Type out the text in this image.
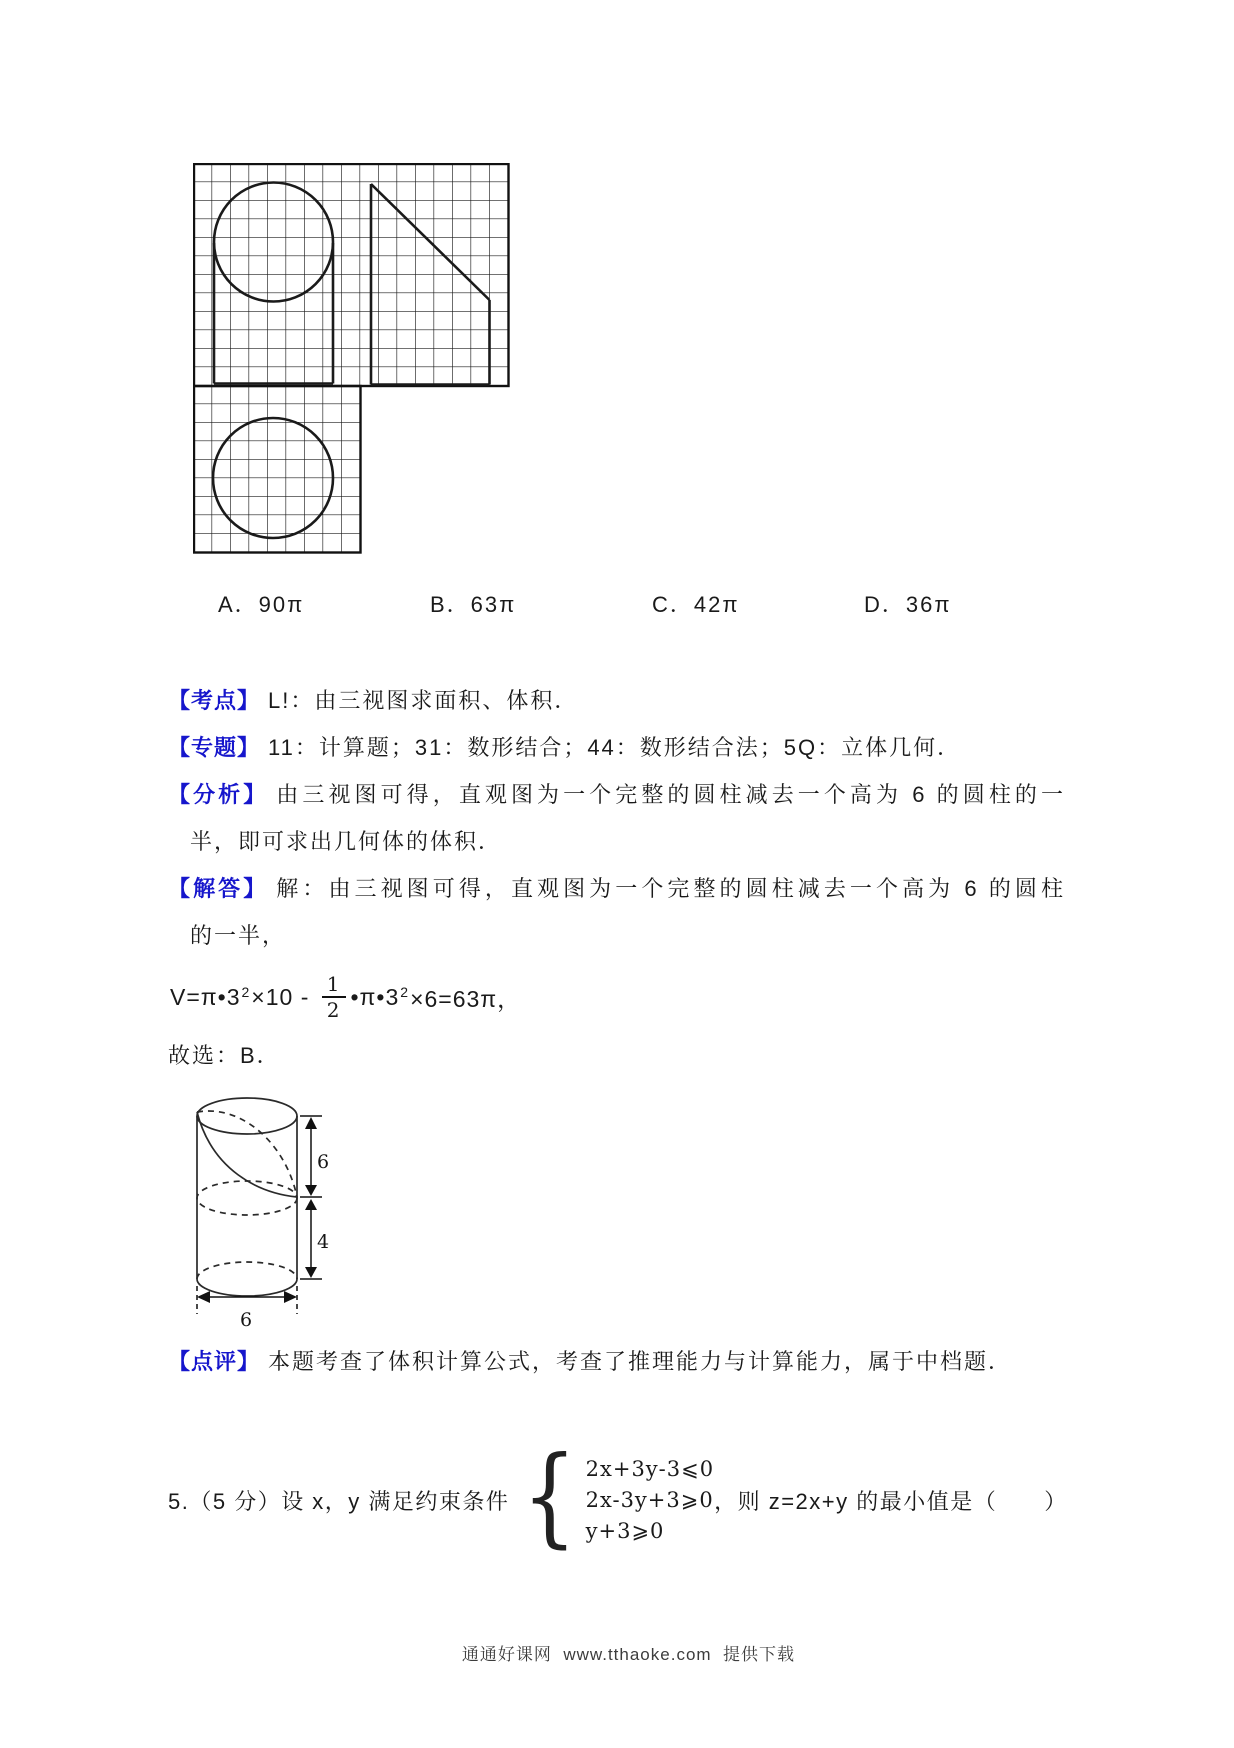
A．90π	B．63π	C．42π	D．36π
【考点】 L!：由三视图求面积、体积．
【专题】 11：计算题；31：数形结合；44：数形结合法；5Q：立体几何．
【分析】 由三视图可得，直观图为一个完整的圆柱减去一个高为 6 的圆柱的一
半，即可求出几何体的体积．
【解答】 解：由三视图可得，直观图为一个完整的圆柱减去一个高为 6 的圆柱
的一半，
V=π•3 $2 \times 10 - \frac{1}{2}$ •π•3 2 ×6=63π，
故选：B．
6
4
6
【点评】 本题考查了体积计算公式，考查了推理能力与计算能力，属于中档题．
5.（5 分）设 x，y 满足约束条件 { 2x+3y-3⩽0
2x-3y+3⩾0
y+3⩾0
，则 z=2x+y 的最小值是（　　）

通通好课网  www.tthaoke.com  提供下载
